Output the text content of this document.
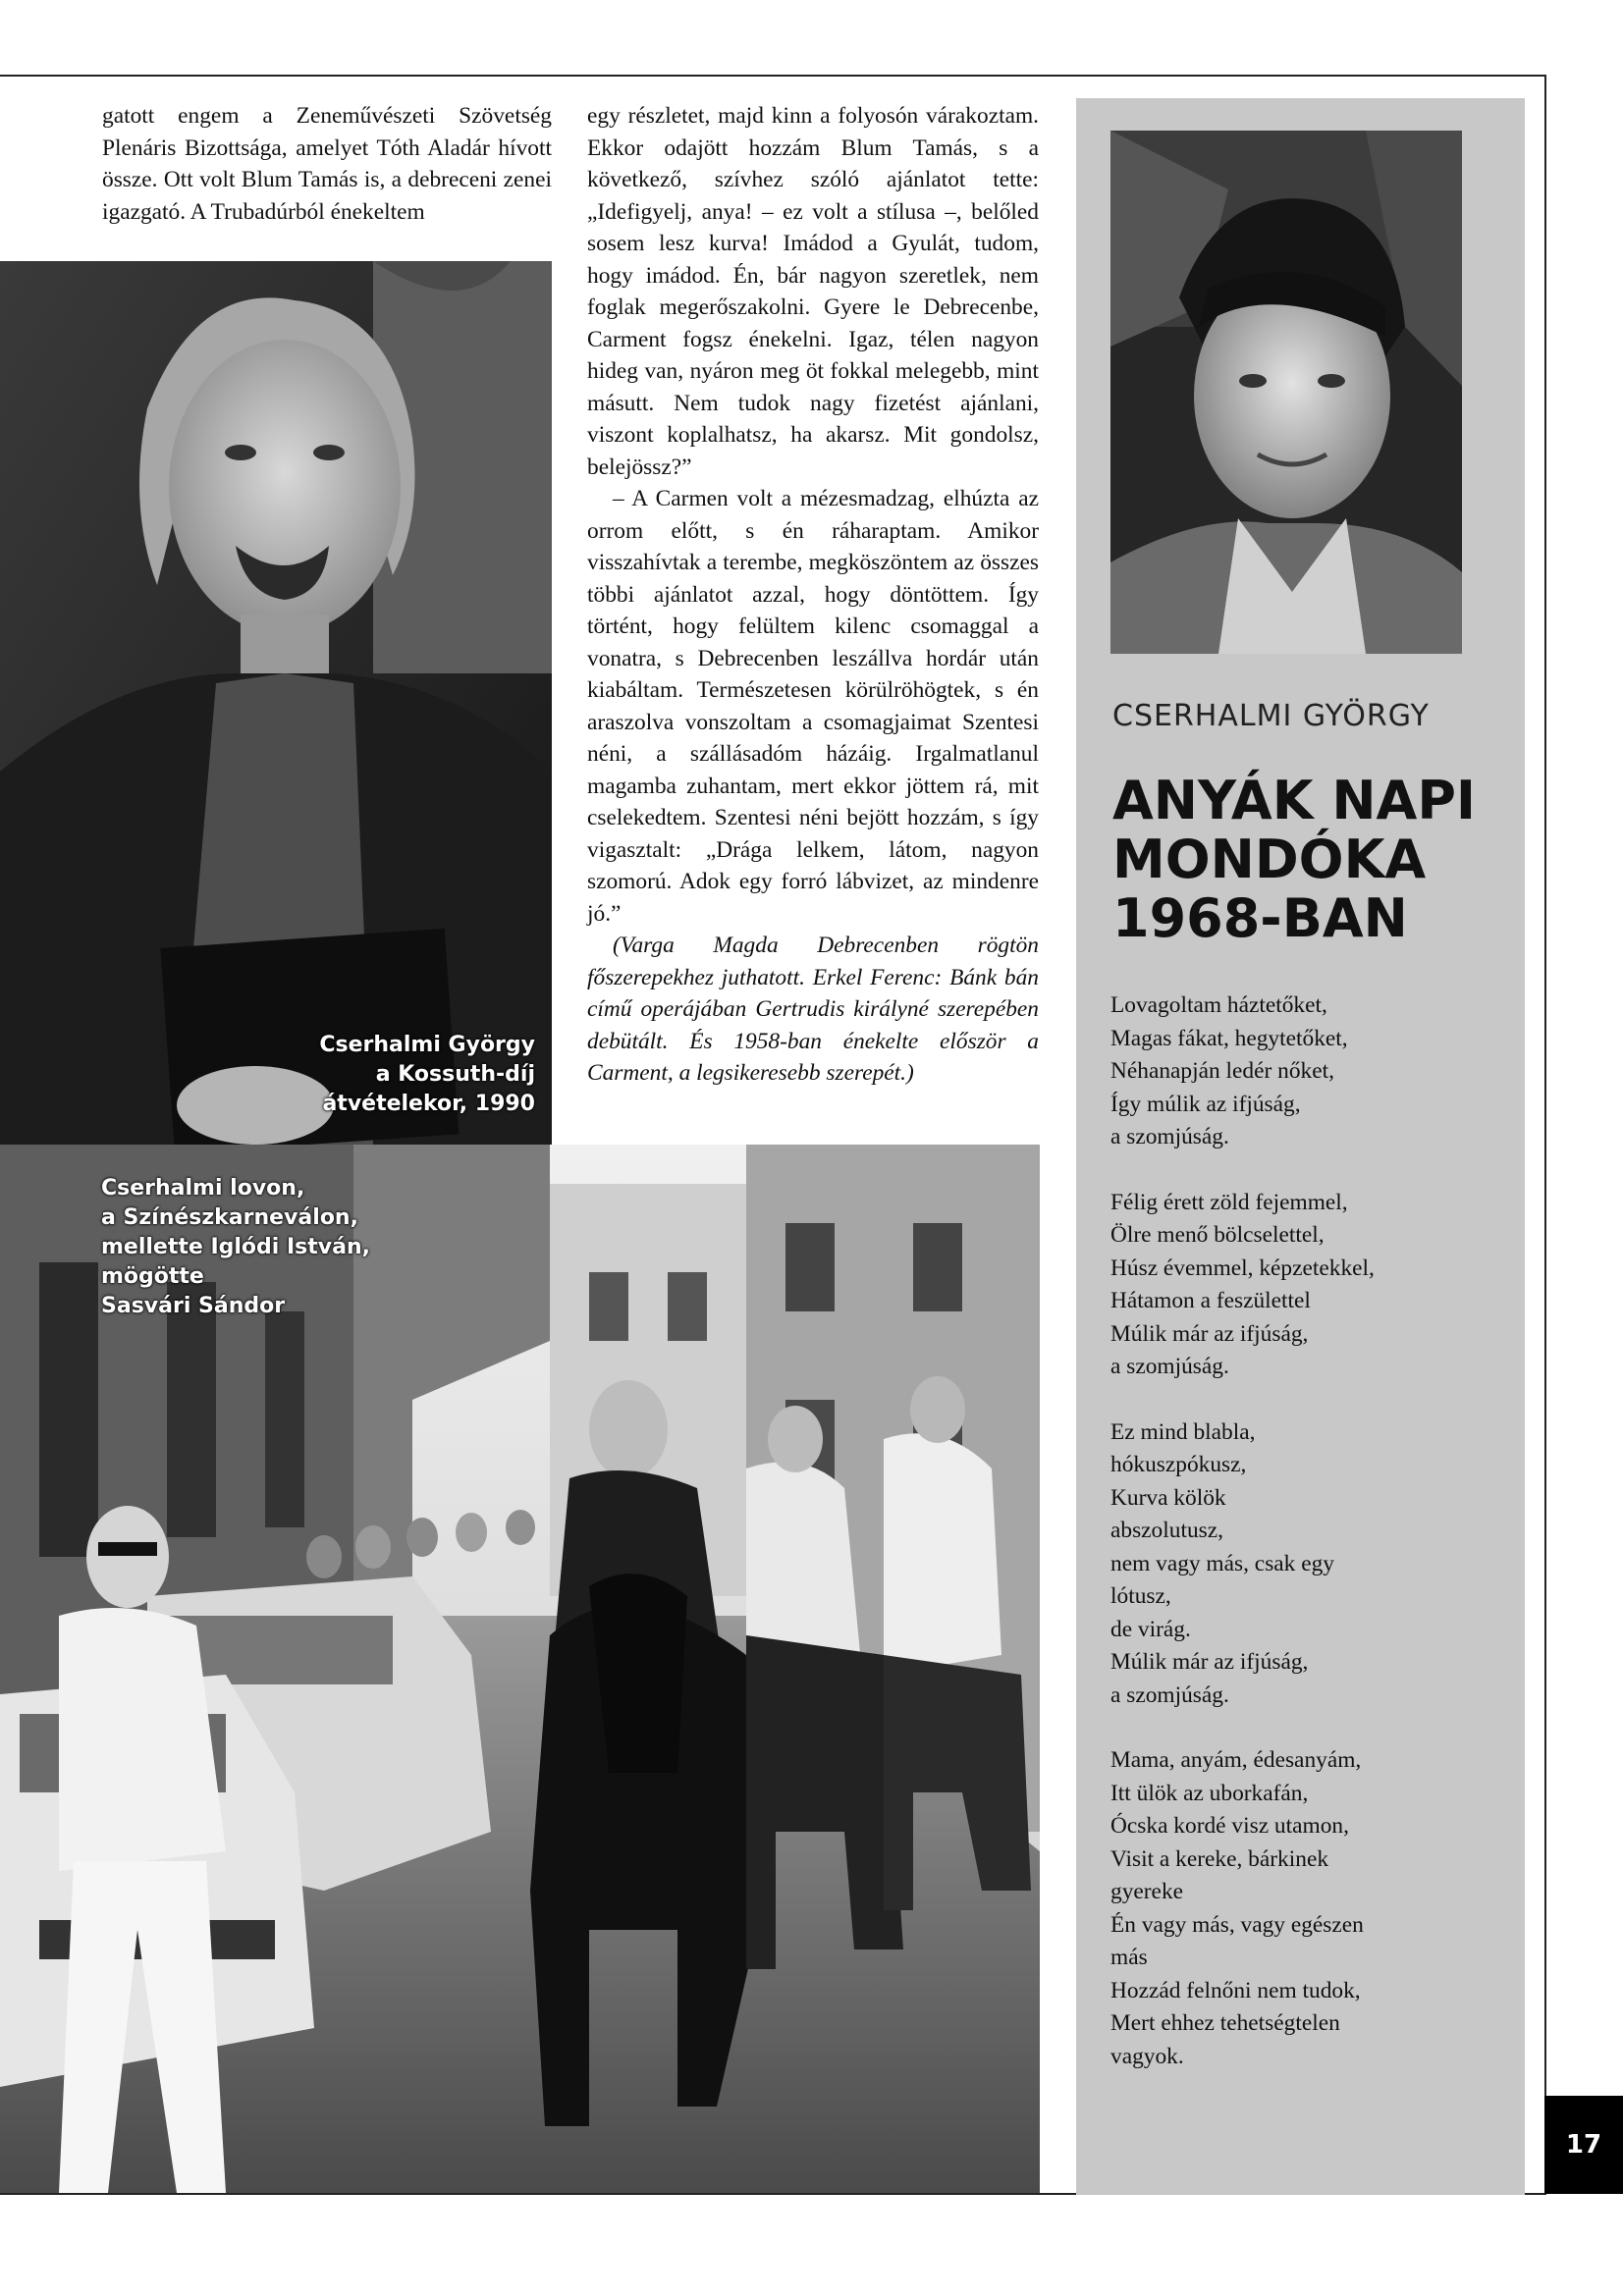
gatott engem a Zeneművészeti Szövetség Plenáris Bizottsága, amelyet Tóth Aladár hívott össze. Ott volt Blum Tamás is, a debreceni zenei igazgató. A Trubadúrból énekeltem

egy részletet, majd kinn a folyosón várakoztam. Ekkor odajött hozzám Blum Tamás, s a következő, szívhez szóló ajánlatot tette: „Idefigyelj, anya! – ez volt a stílusa –, belőled sosem lesz kurva! Imádod a Gyulát, tudom, hogy imádod. Én, bár nagyon szeretlek, nem foglak megerőszakolni. Gyere le Debrecenbe, Carment fogsz énekelni. Igaz, télen nagyon hideg van, nyáron meg öt fokkal melegebb, mint másutt. Nem tudok nagy fizetést ajánlani, viszont koplalhatsz, ha akarsz. Mit gondolsz, belejössz?”

– A Carmen volt a mézesmadzag, elhúzta az orrom előtt, s én ráharaptam. Amikor visszahívtak a terembe, megköszöntem az összes többi ajánlatot azzal, hogy döntöttem. Így történt, hogy felültem kilenc csomaggal a vonatra, s Debrecenben leszállva hordár után kiabáltam. Természetesen körülröhögtek, s én araszolva vonszoltam a csomagjaimat Szentesi néni, a szállásadóm házáig. Irgalmatlanul magamba zuhantam, mert ekkor jöttem rá, mit cselekedtem. Szentesi néni bejött hozzám, s így vigasztalt: „Drága lelkem, látom, nagyon szomorú. Adok egy forró lábvizet, az mindenre jó.”

(Varga Magda Debrecenben rögtön főszerepekhez juthatott. Erkel Ferenc: Bánk bán című operájában Gertrudis királyné szerepében debütált. És 1958-ban énekelte először a Carment, a legsikeresebb szerepét.)

Cserhalmi György
a Kossuth-díj
átvételekor, 1990
Cserhalmi lovon,
a Színészkarneválon,
mellette Iglódi István,
mögötte
Sasvári Sándor
CSERHALMI GYÖRGY
ANYÁK NAPI
MONDÓKA
1968-BAN
Lovagoltam háztetőket,
Magas fákat, hegytetőket,
Néhanapján ledér nőket,
Így múlik az ifjúság,
a szomjúság.
Félig érett zöld fejemmel,
Ölre menő bölcselettel,
Húsz évemmel, képzetekkel,
Hátamon a feszülettel
Múlik már az ifjúság,
a szomjúság.
Ez mind blabla,
hókuszpókusz,
Kurva kölök
abszolutusz,
nem vagy más, csak egy
lótusz,
de virág.
Múlik már az ifjúság,
a szomjúság.
Mama, anyám, édesanyám,
Itt ülök az uborkafán,
Ócska kordé visz utamon,
Visit a kereke, bárkinek
gyereke
Én vagy más, vagy egészen
más
Hozzád felnőni nem tudok,
Mert ehhez tehetségtelen
vagyok.
17
